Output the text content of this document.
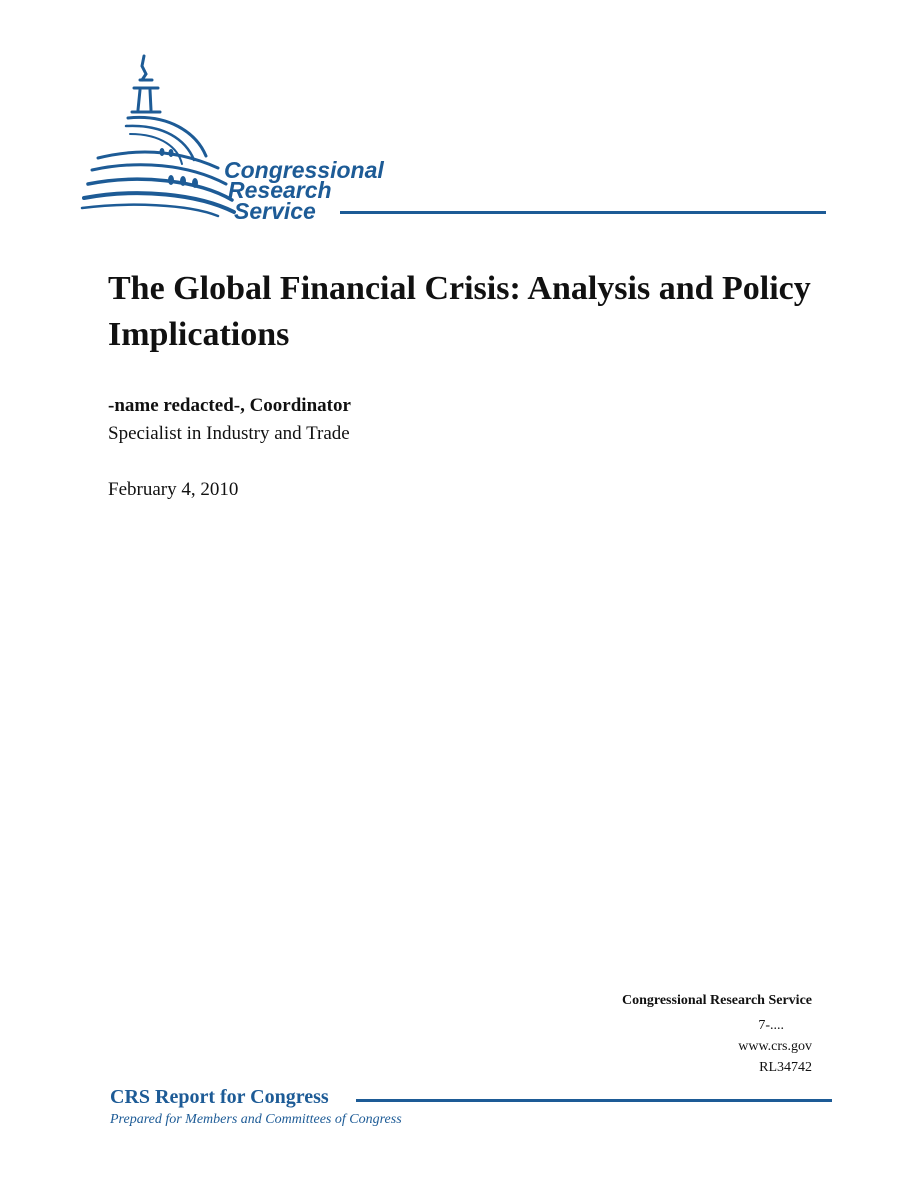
Congressional
Research
Service
The Global Financial Crisis: Analysis and Policy Implications
-name redacted-, Coordinator
Specialist in Industry and Trade
February 4, 2010
Congressional Research Service
7-....
www.crs.gov
RL34742
CRS Report for Congress
Prepared for Members and Committees of Congress
